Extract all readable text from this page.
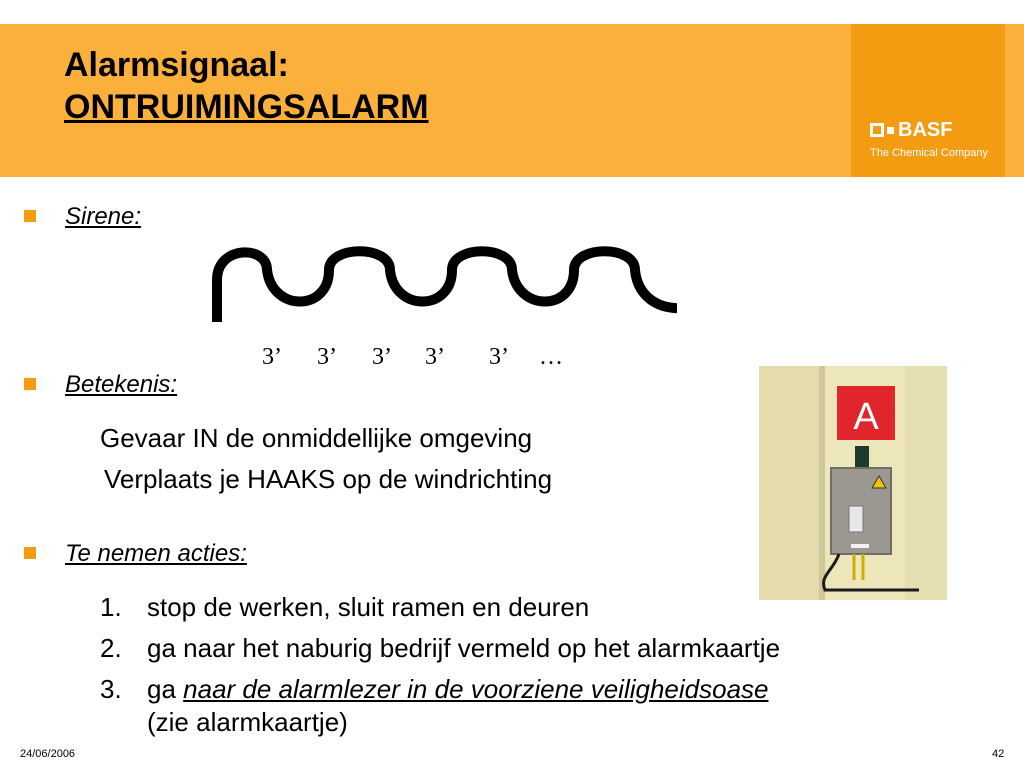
Alarmsignaal:
ONTRUIMINGSALARM
BASF
The Chemical Company
Sirene:
3’	3’	3’	3’	3’	…
Betekenis:
Gevaar IN de onmiddellijke omgeving
Verplaats je HAAKS op de windrichting
Te nemen acties:
1. stop de werken, sluit ramen en deuren
2. ga naar het naburig bedrijf vermeld op het alarmkaartje
3. ga naar de alarmlezer in de voorziene veiligheidsoase
(zie alarmkaartje)
A
24/06/2006	42
